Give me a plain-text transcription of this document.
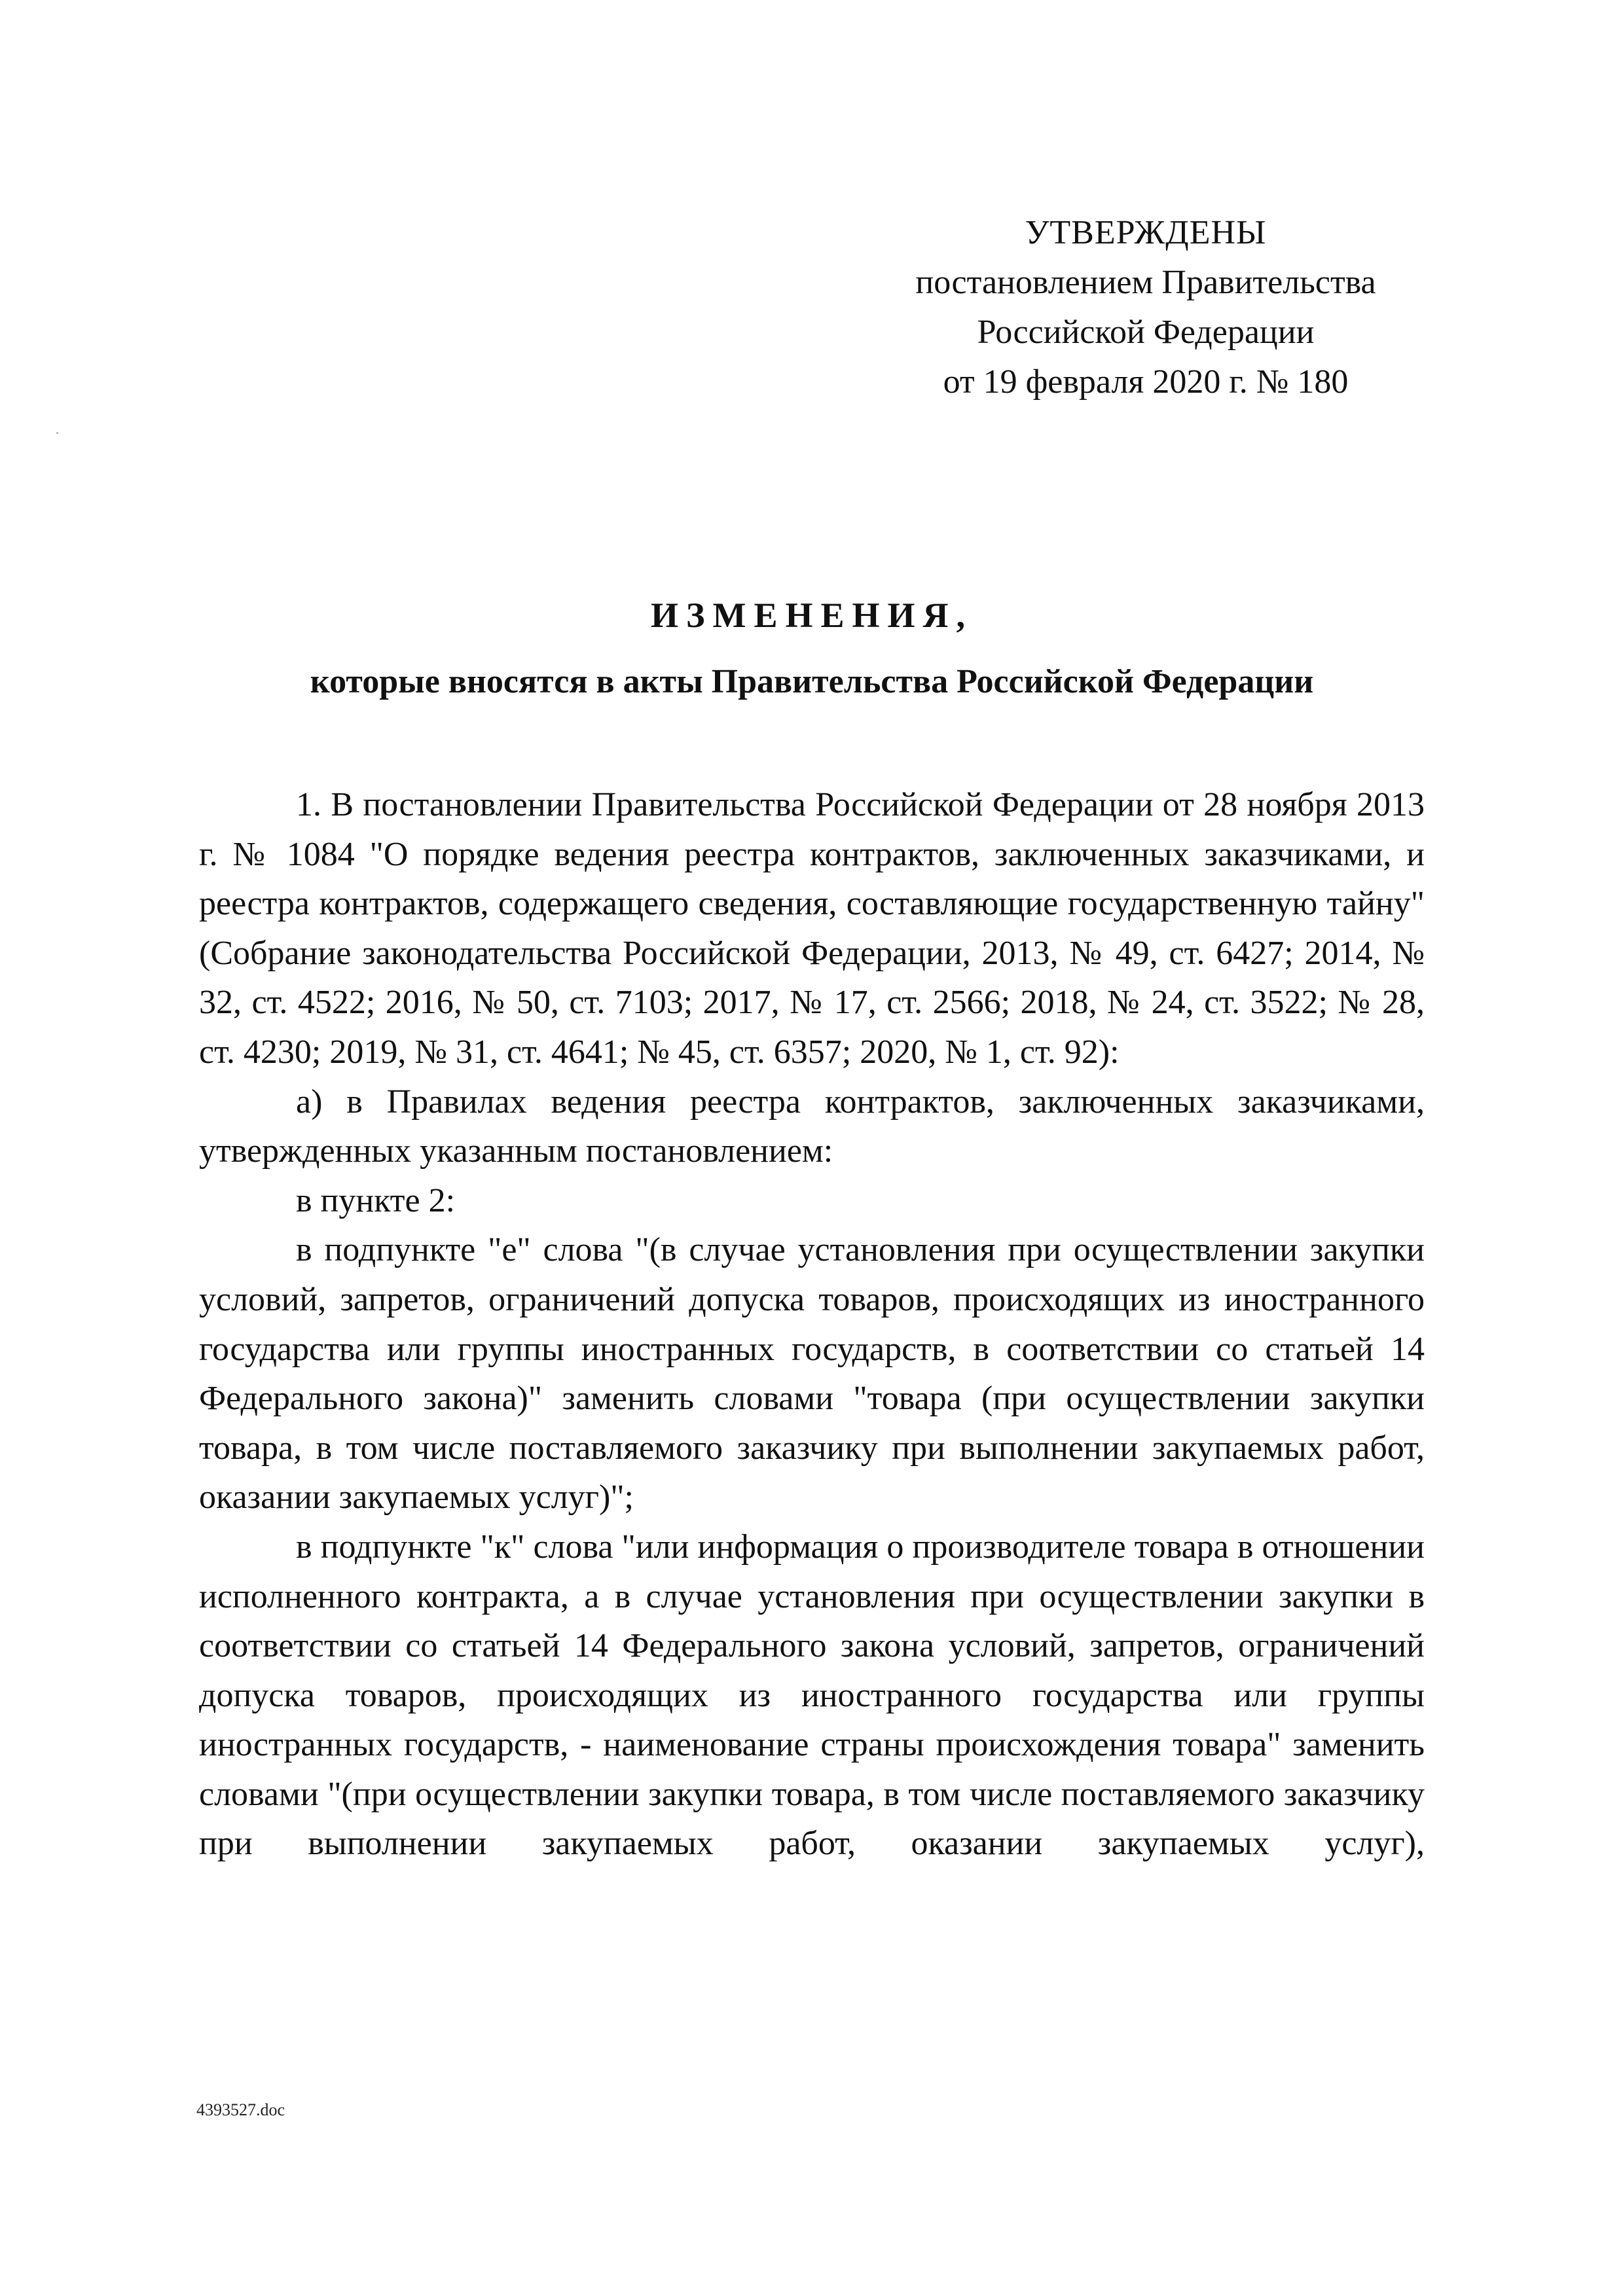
УТВЕРЖДЕНЫ
постановлением Правительства
Российской Федерации
от 19 февраля 2020 г. № 180
ИЗМЕНЕНИЯ,
которые вносятся в акты Правительства Российской Федерации

1. В постановлении Правительства Российской Федерации от 28 ноября 2013 г. № 1084 "О порядке ведения реестра контрактов, заключенных заказчиками, и реестра контрактов, содержащего сведения, составляющие государственную тайну" (Собрание законодательства Российской Федерации, 2013, № 49, ст. 6427; 2014, № 32, ст. 4522; 2016, № 50, ст. 7103; 2017, № 17, ст. 2566; 2018, № 24, ст. 3522; № 28, ст. 4230; 2019, № 31, ст. 4641; № 45, ст. 6357; 2020, № 1, ст. 92):

а) в Правилах ведения реестра контрактов, заключенных заказчиками, утвержденных указанным постановлением:

в пункте 2:

в подпункте "е" слова "(в случае установления при осуществлении закупки условий, запретов, ограничений допуска товаров, происходящих из иностранного государства или группы иностранных государств, в соответствии со статьей 14 Федерального закона)" заменить словами "товара (при осуществлении закупки товара, в том числе поставляемого заказчику при выполнении закупаемых работ, оказании закупаемых услуг)";

в подпункте "к" слова "или информация о производителе товара в отношении исполненного контракта, а в случае установления при осуществлении закупки в соответствии со статьей 14 Федерального закона условий, запретов, ограничений допуска товаров, происходящих из иностранного государства или группы иностранных государств, - наименование страны происхождения товара" заменить словами "(при осуществлении закупки товара, в том числе поставляемого заказчику при выполнении закупаемых работ, оказании закупаемых услуг),

4393527.doc
